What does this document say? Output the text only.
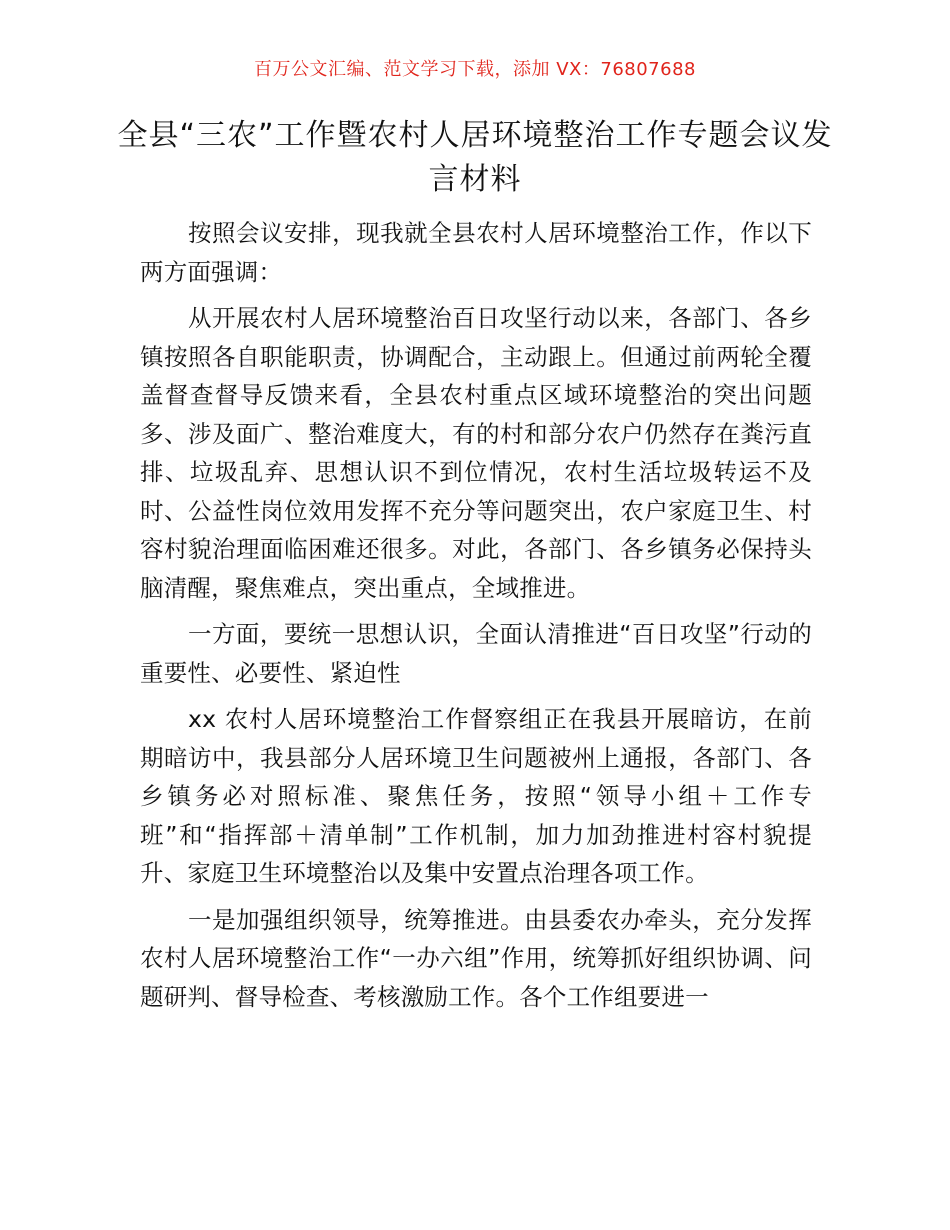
百万公文汇编、范文学习下载，添加 VX：76807688
全县“三农”工作暨农村人居环境整治工作专题会议发言材料

按照会议安排，现我就全县农村人居环境整治工作，作以下两方面强调：

从开展农村人居环境整治百日攻坚行动以来，各部门、各乡镇按照各自职能职责，协调配合，主动跟上。但通过前两轮全覆盖督查督导反馈来看，全县农村重点区域环境整治的突出问题多、涉及面广、整治难度大，有的村和部分农户仍然存在粪污直排、垃圾乱弃、思想认识不到位情况，农村生活垃圾转运不及时、公益性岗位效用发挥不充分等问题突出，农户家庭卫生、村容村貌治理面临困难还很多。对此，各部门、各乡镇务必保持头脑清醒，聚焦难点，突出重点，全域推进。

一方面，要统一思想认识，全面认清推进“百日攻坚”行动的重要性、必要性、紧迫性

xx 农村人居环境整治工作督察组正在我县开展暗访，在前期暗访中，我县部分人居环境卫生问题被州上通报，各部门、各乡镇务必对照标准、聚焦任务，按照“领导小组＋工作专班”和“指挥部＋清单制”工作机制，加力加劲推进村容村貌提升、家庭卫生环境整治以及集中安置点治理各项工作。

一是加强组织领导，统筹推进。由县委农办牵头，充分发挥农村人居环境整治工作“一办六组”作用，统筹抓好组织协调、问题研判、督导检查、考核激励工作。各个工作组要进一
